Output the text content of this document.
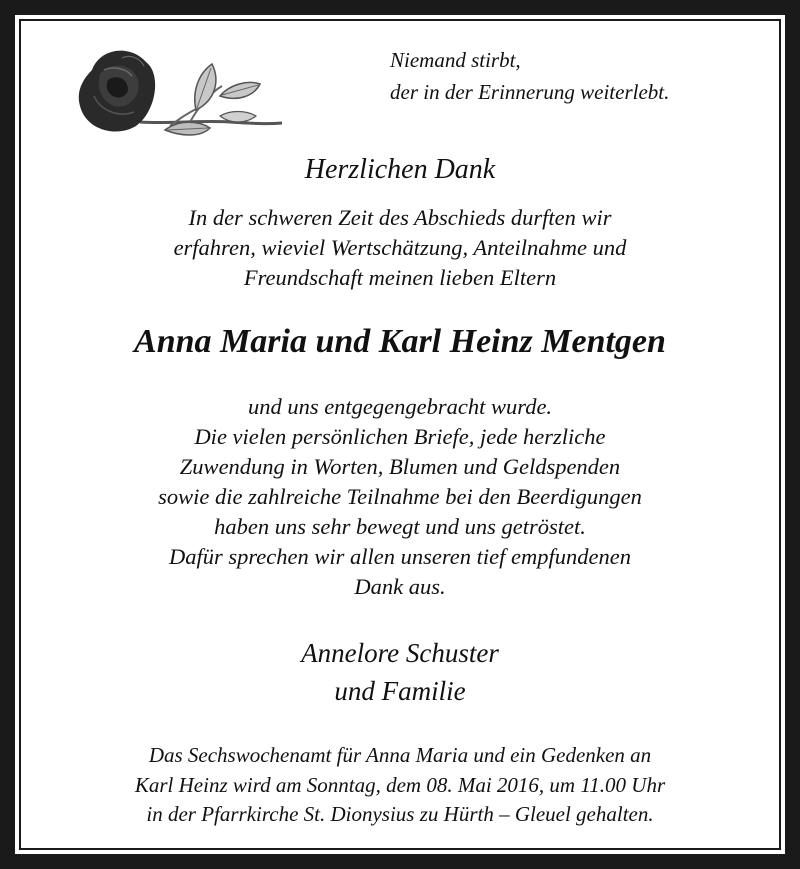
Niemand stirbt,
der in der Erinnerung weiterlebt.
Herzlichen Dank
In der schweren Zeit des Abschieds durften wir
erfahren, wieviel Wertschätzung, Anteilnahme und
Freundschaft meinen lieben Eltern
Anna Maria und Karl Heinz Mentgen
und uns entgegengebracht wurde.
Die vielen persönlichen Briefe, jede herzliche
Zuwendung in Worten, Blumen und Geldspenden
sowie die zahlreiche Teilnahme bei den Beerdigungen
haben uns sehr bewegt und uns getröstet.
Dafür sprechen wir allen unseren tief empfundenen
Dank aus.
Annelore Schuster
und Familie
Das Sechswochenamt für Anna Maria und ein Gedenken an
Karl Heinz wird am Sonntag, dem 08. Mai 2016, um 11.00 Uhr
in der Pfarrkirche St. Dionysius zu Hürth – Gleuel gehalten.
